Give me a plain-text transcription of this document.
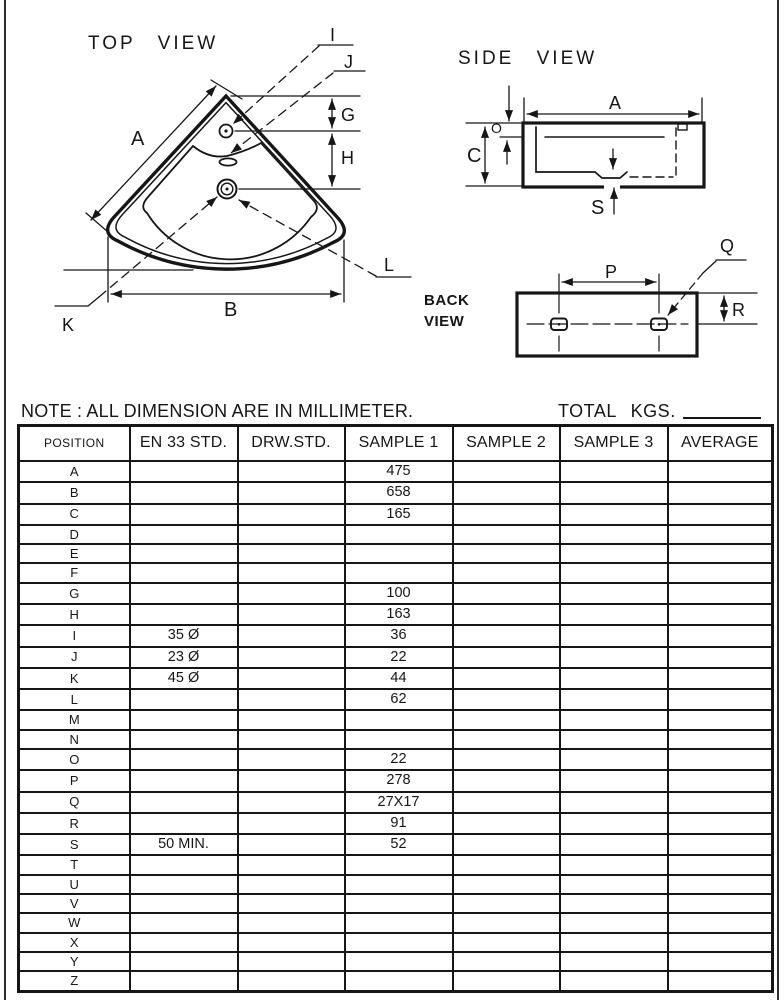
TOP VIEW
A
G
H
B
I
J
K
L
SIDE VIEW
A
C
O
S
BACK
VIEW
P
Q
R
NOTE : ALL DIMENSION ARE IN MILLIMETER.	TOTAL KGS.
POSITION	EN 33 STD.	DRW.STD.	SAMPLE 1	SAMPLE 2	SAMPLE 3	AVERAGE
A			475			
B			658			
C			165			
D						
E						
F						
G			100			
H			163			
I	35 Ø		36			
J	23 Ø		22			
K	45 Ø		44			
L			62			
M						
N						
O			22			
P			278			
Q			27X17			
R			91			
S	50 MIN.		52			
T						
U						
V						
W						
X						
Y						
Z						
